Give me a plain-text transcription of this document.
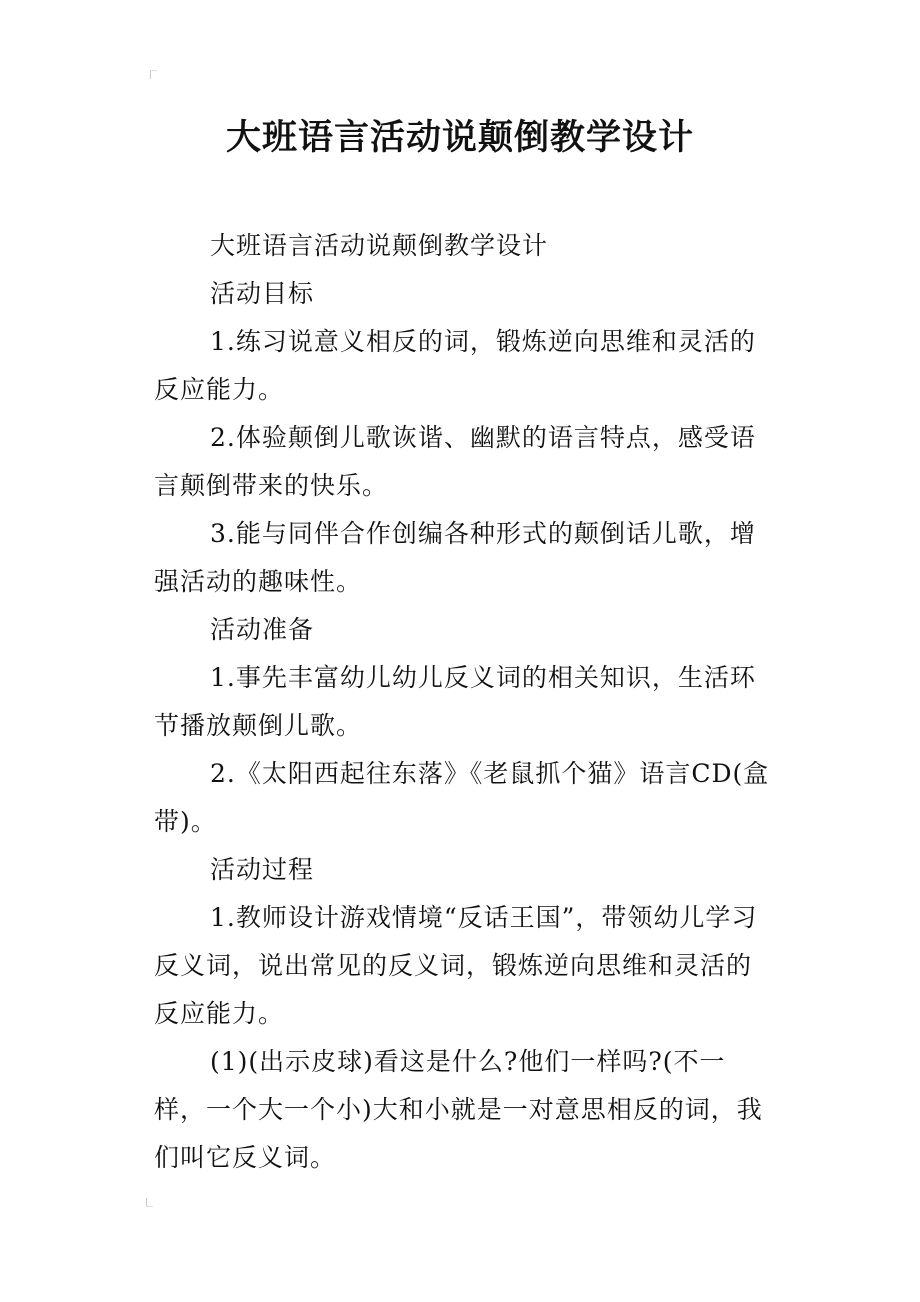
大班语言活动说颠倒教学设计

大班语言活动说颠倒教学设计

活动目标

1.练习说意义相反的词，锻炼逆向思维和灵活的反应能力。

2.体验颠倒儿歌诙谐、幽默的语言特点，感受语言颠倒带来的快乐。

3.能与同伴合作创编各种形式的颠倒话儿歌，增强活动的趣味性。

活动准备

1.事先丰富幼儿幼儿反义词的相关知识，生活环节播放颠倒儿歌。

2.《太阳西起往东落》《老鼠抓个猫》语言CD(盒带)。

活动过程

1.教师设计游戏情境“反话王国”，带领幼儿学习反义词，说出常见的反义词，锻炼逆向思维和灵活的反应能力。

(1)(出示皮球)看这是什么?他们一样吗?(不一样，一个大一个小)大和小就是一对意思相反的词，我们叫它反义词。
